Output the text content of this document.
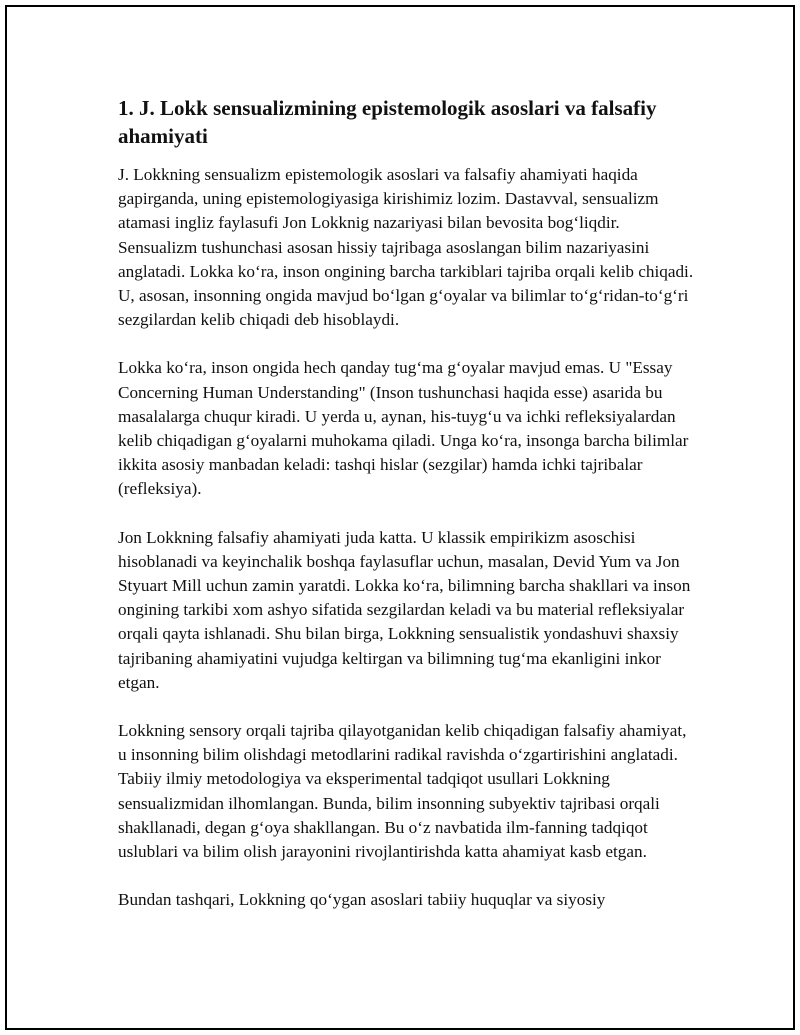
1. J. Lokk sensualizmining epistemologik asoslari va falsafiy ahamiyati

J. Lokkning sensualizm epistemologik asoslari va falsafiy ahamiyati haqida gapirganda, uning epistemologiyasiga kirishimiz lozim. Dastavval, sensualizm atamasi ingliz faylasufi Jon Lokknig nazariyasi bilan bevosita bog‘liqdir. Sensualizm tushunchasi asosan hissiy tajribaga asoslangan bilim nazariyasini anglatadi. Lokka ko‘ra, inson ongining barcha tarkiblari tajriba orqali kelib chiqadi. U, asosan, insonning ongida mavjud bo‘lgan g‘oyalar va bilimlar to‘g‘ridan-to‘g‘ri sezgilardan kelib chiqadi deb hisoblaydi.

Lokka ko‘ra, inson ongida hech qanday tug‘ma g‘oyalar mavjud emas. U "Essay Concerning Human Understanding" (Inson tushunchasi haqida esse) asarida bu masalalarga chuqur kiradi. U yerda u, aynan, his-tuyg‘u va ichki refleksiyalardan kelib chiqadigan g‘oyalarni muhokama qiladi. Unga ko‘ra, insonga barcha bilimlar ikkita asosiy manbadan keladi: tashqi hislar (sezgilar) hamda ichki tajribalar (refleksiya).

Jon Lokkning falsafiy ahamiyati juda katta. U klassik empirikizm asoschisi hisoblanadi va keyinchalik boshqa faylasuflar uchun, masalan, Devid Yum va Jon Styuart Mill uchun zamin yaratdi. Lokka ko‘ra, bilimning barcha shakllari va inson ongining tarkibi xom ashyo sifatida sezgilardan keladi va bu material refleksiyalar orqali qayta ishlanadi. Shu bilan birga, Lokkning sensualistik yondashuvi shaxsiy tajribaning ahamiyatini vujudga keltirgan va bilimning tug‘ma ekanligini inkor etgan.

Lokkning sensory orqali tajriba qilayotganidan kelib chiqadigan falsafiy ahamiyat, u insonning bilim olishdagi metodlarini radikal ravishda o‘zgartirishini anglatadi. Tabiiy ilmiy metodologiya va eksperimental tadqiqot usullari Lokkning sensualizmidan ilhomlangan. Bunda, bilim insonning subyektiv tajribasi orqali shakllanadi, degan g‘oya shakllangan. Bu o‘z navbatida ilm-fanning tadqiqot uslublari va bilim olish jarayonini rivojlantirishda katta ahamiyat kasb etgan.

Bundan tashqari, Lokkning qo‘ygan asoslari tabiiy huquqlar va siyosiy
